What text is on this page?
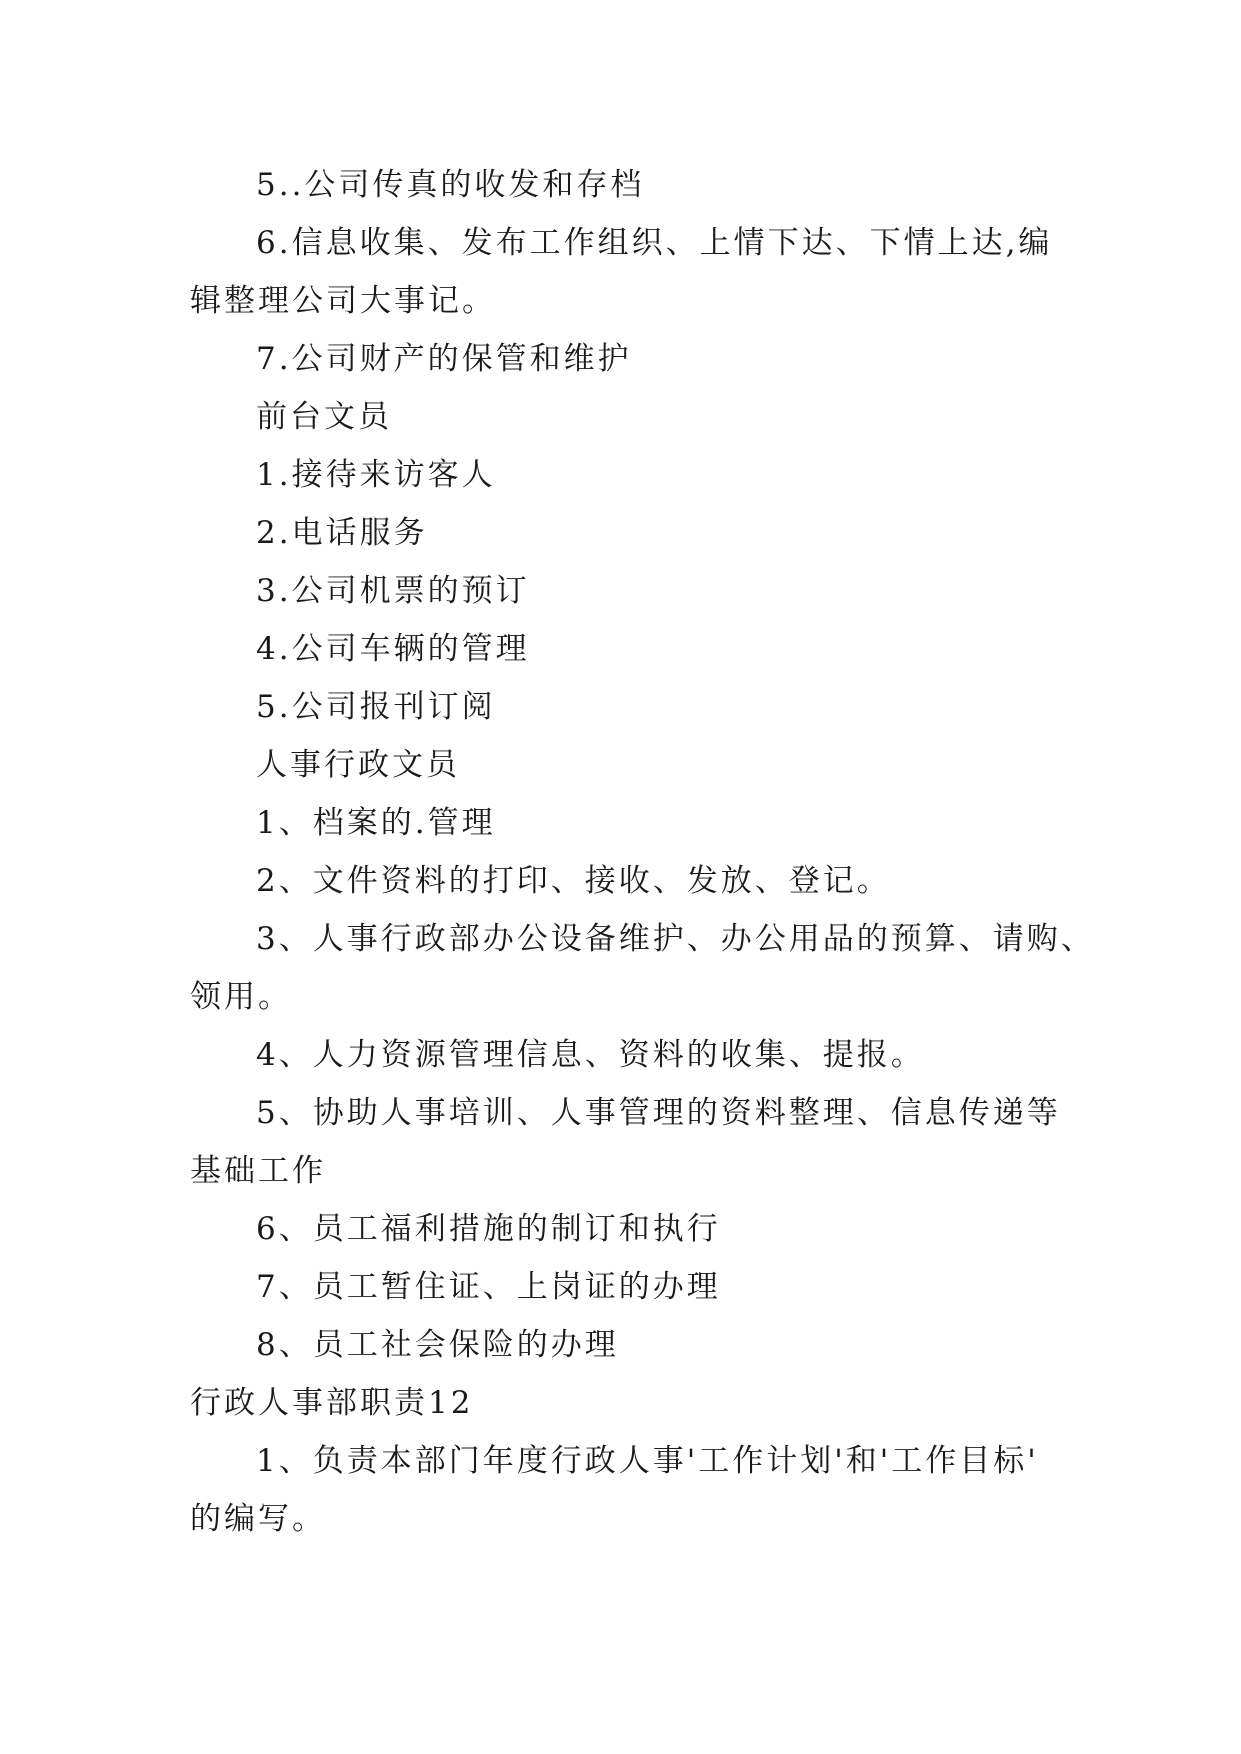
5..公司传真的收发和存档
6.信息收集、发布工作组织、上情下达、下情上达,编
辑整理公司大事记。
7.公司财产的保管和维护
前台文员
1.接待来访客人
2.电话服务
3.公司机票的预订
4.公司车辆的管理
5.公司报刊订阅
人事行政文员
1、档案的.管理
2、文件资料的打印、接收、发放、登记。
3、人事行政部办公设备维护、办公用品的预算、请购、
领用。
4、人力资源管理信息、资料的收集、提报。
5、协助人事培训、人事管理的资料整理、信息传递等
基础工作
6、员工福利措施的制订和执行
7、员工暂住证、上岗证的办理
8、员工社会保险的办理
行政人事部职责12
1、负责本部门年度行政人事'工作计划'和'工作目标'
的编写。
